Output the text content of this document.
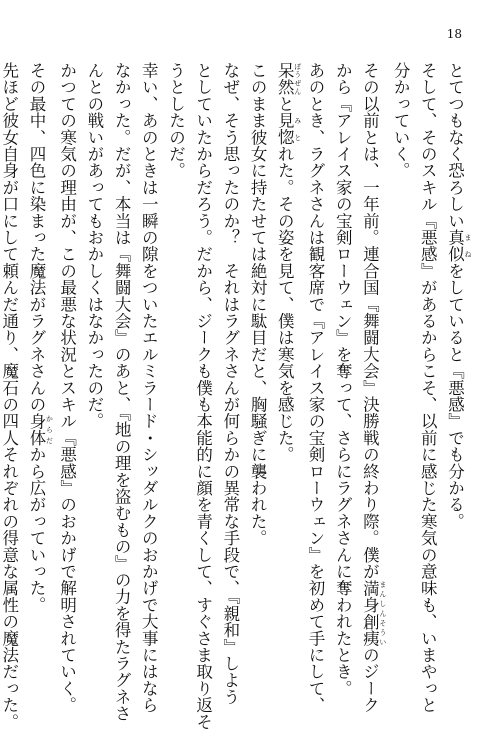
18
とてつもなく恐ろしい真似 まねをしていると『悪感』でも分かる。
そして、そのスキル『悪感』があるからこそ、以前に感じた寒気の意味も、いまやっと
分かっていく。
その以前とは、一年前。連合国『舞闘大会』決勝戦の終わり際。僕が満身創痍 まんしんそういのジーク
から『アレイス家の宝剣ローウェン』を奪って、さらにラグネさんに奪われたとき。
あのとき、ラグネさんは観客席で『アレイス家の宝剣ローウェン』を初めて手にして、
呆然 ぼうぜんと見惚 みとれた。その姿を見て、僕は寒気を感じた。
このまま彼女に持たせては絶対に駄目だと、胸騒ぎに襲われた。
なぜ、そう思ったのか？　それはラグネさんが何らかの異常な手段で、『親和』しよう
としていたからだろう。だから、ジークも僕も本能的に顔を青くして、すぐさま取り返そ
うとしたのだ。
幸い、あのときは一瞬の隙をついたエルミラード・シッダルクのおかげで大事にはなら
なかった。だが、本当は『舞闘大会』のあと、『地の理を盗むもの』の力を得たラグネさ
んとの戦いがあってもおかしくはなかったのだ。
かつての寒気の理由が、この最悪な状況とスキル『悪感』のおかげで解明されていく。
その最中、四色に染まった魔法がラグネさんの身体 からだから広がっていった。
先ほど彼女自身が口にして頼んだ通り、魔石の四人それぞれの得意な属性の魔法だった。
